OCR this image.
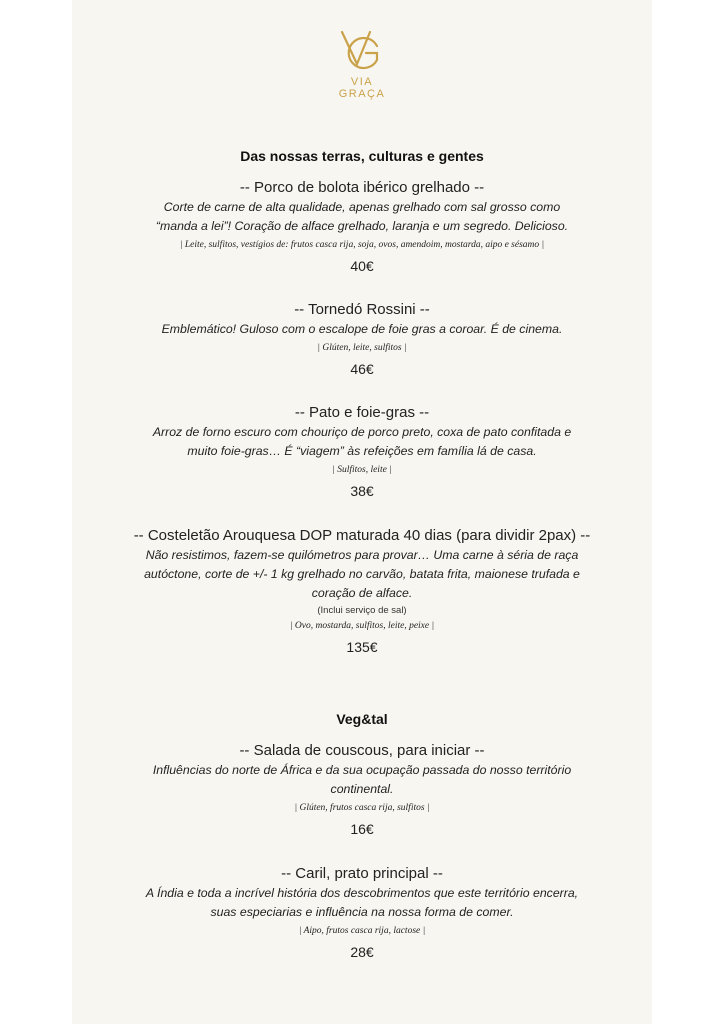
VIA
GRAÇA
Das nossas terras, culturas e gentes
-- Porco de bolota ibérico grelhado --
Corte de carne de alta qualidade, apenas grelhado com sal grosso como
“manda a lei”! Coração de alface grelhado, laranja e um segredo. Delicioso.
| Leite, sulfitos, vestígios de: frutos casca rija, soja, ovos, amendoim, mostarda, aipo e sésamo |
40€
-- Tornedó Rossini --
Emblemático! Guloso com o escalope de foie gras a coroar. É de cinema.
| Glúten, leite, sulfitos |
46€
-- Pato e foie-gras --
Arroz de forno escuro com chouriço de porco preto, coxa de pato confitada e
muito foie-gras… É “viagem” às refeições em família lá de casa.
| Sulfitos, leite |
38€
-- Costeletão Arouquesa DOP maturada 40 dias (para dividir 2pax) --
Não resistimos, fazem-se quilómetros para provar… Uma carne à séria de raça
autóctone, corte de +/- 1 kg grelhado no carvão, batata frita, maionese trufada e
coração de alface.
(Inclui serviço de sal)
| Ovo, mostarda, sulfitos, leite, peixe |
135€
Veg&tal
-- Salada de couscous, para iniciar --
Influências do norte de África e da sua ocupação passada do nosso território
continental.
| Glúten, frutos casca rija, sulfitos |
16€
-- Caril, prato principal --
A Índia e toda a incrível história dos descobrimentos que este território encerra,
suas especiarias e influência na nossa forma de comer.
| Aipo, frutos casca rija, lactose |
28€
